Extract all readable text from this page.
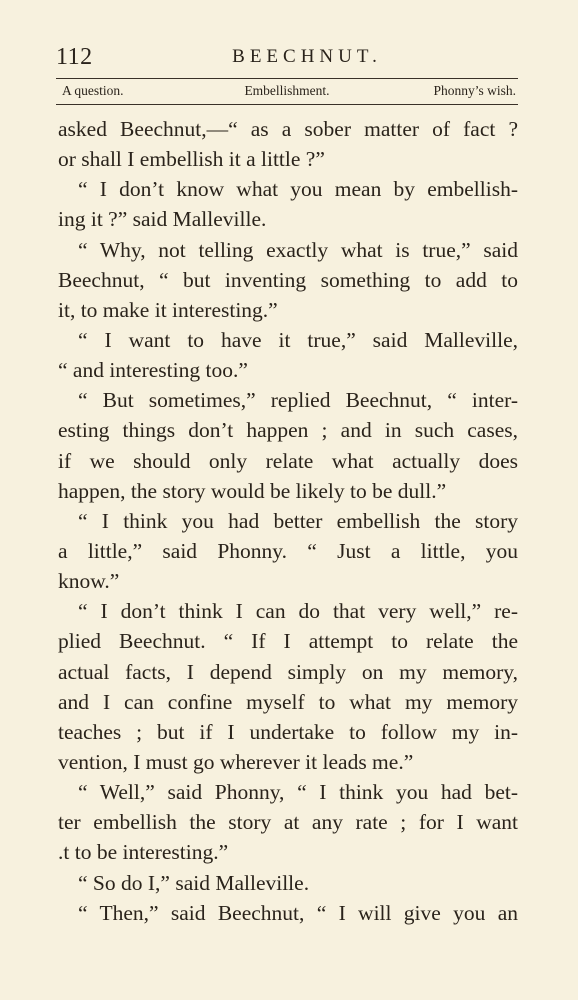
112	BEECHNUT.
A question.	Embellishment.	Phonny’s wish.
asked Beechnut,—“ as a sober matter of fact ?
or shall I embellish it a little ?”
“ I don’t know what you mean by embellish-
ing it ?” said Malleville.
“ Why, not telling exactly what is true,” said
Beechnut, “ but inventing something to add to
it, to make it interesting.”
“ I want to have it true,” said Malleville,
“ and interesting too.”
“ But sometimes,” replied Beechnut, “ inter-
esting things don’t happen ; and in such cases,
if we should only relate what actually does
happen, the story would be likely to be dull.”
“ I think you had better embellish the story
a little,” said Phonny. “ Just a little, you
know.”
“ I don’t think I can do that very well,” re-
plied Beechnut. “ If I attempt to relate the
actual facts, I depend simply on my memory,
and I can confine myself to what my memory
teaches ; but if I undertake to follow my in-
vention, I must go wherever it leads me.”
“ Well,” said Phonny, “ I think you had bet-
ter embellish the story at any rate ; for I want
.t to be interesting.”
“ So do I,” said Malleville.
“ Then,” said Beechnut, “ I will give you an
